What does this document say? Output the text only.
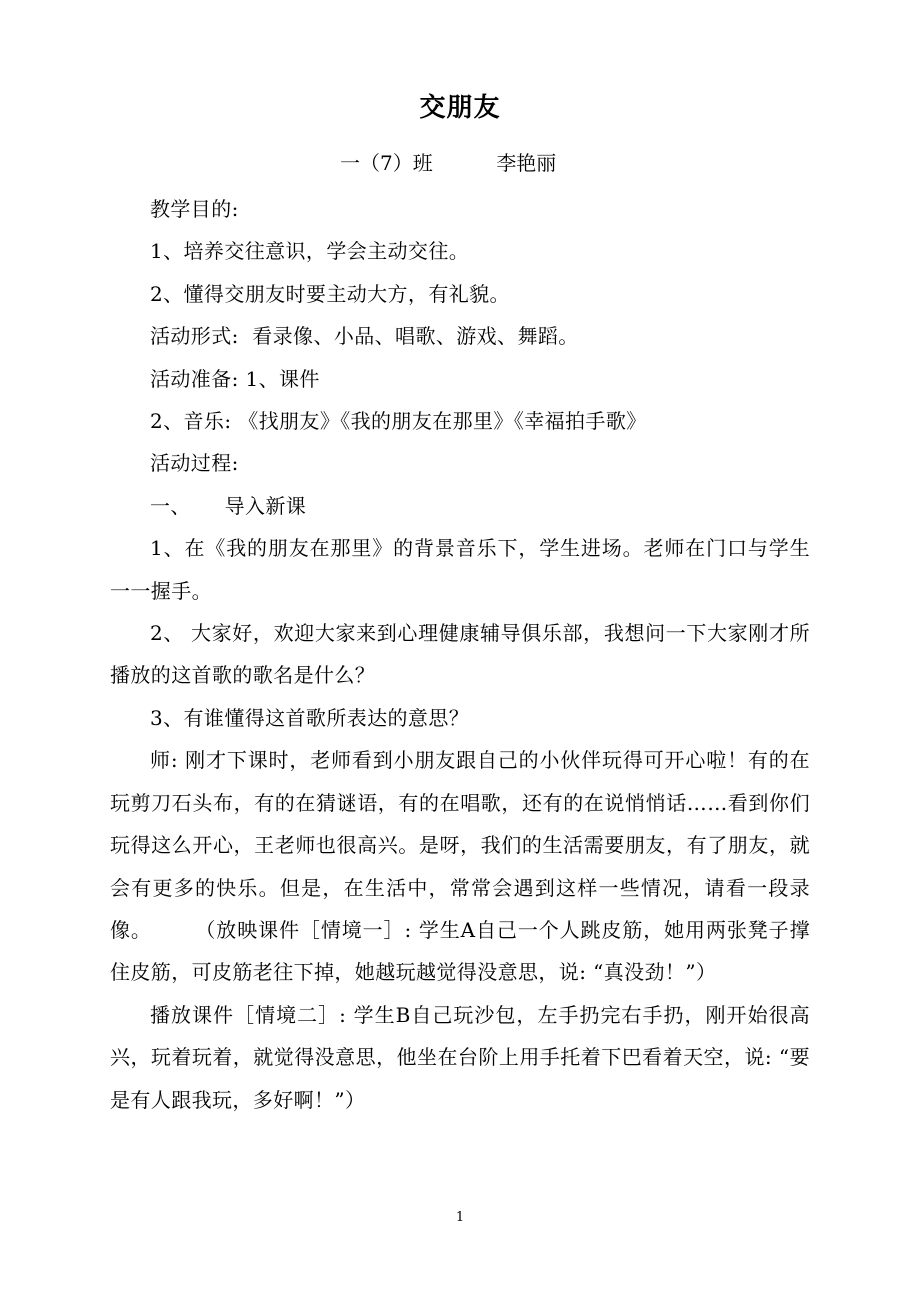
交朋友
一（7）班	李艳丽

教学目的:

1、培养交往意识，学会主动交往。

2、懂得交朋友时要主动大方，有礼貌。

活动形式:  看录像、小品、唱歌、游戏、舞蹈。

活动准备: 1、课件

2、音乐: 《找朋友》《我的朋友在那里》《幸福拍手歌》

活动过程:

一、     导入新课

1、在《我的朋友在那里》的背景音乐下，学生进场。老师在门口与学生一一握手。

2、 大家好，欢迎大家来到心理健康辅导俱乐部，我想问一下大家刚才所播放的这首歌的歌名是什么？

3、有谁懂得这首歌所表达的意思？

师: 刚才下课时，老师看到小朋友跟自己的小伙伴玩得可开心啦！有的在玩剪刀石头布，有的在猜谜语，有的在唱歌，还有的在说悄悄话……看到你们玩得这么开心，王老师也很高兴。是呀，我们的生活需要朋友，有了朋友，就会有更多的快乐。但是，在生活中，常常会遇到这样一些情况，请看一段录像。      （放映课件［情境一］: 学生A自己一个人跳皮筋，她用两张凳子撑住皮筋，可皮筋老往下掉，她越玩越觉得没意思，说: “真没劲！”）

播放课件［情境二］: 学生B自己玩沙包，左手扔完右手扔，刚开始很高兴，玩着玩着，就觉得没意思，他坐在台阶上用手托着下巴看着天空，说: “要是有人跟我玩，多好啊！”）

1
